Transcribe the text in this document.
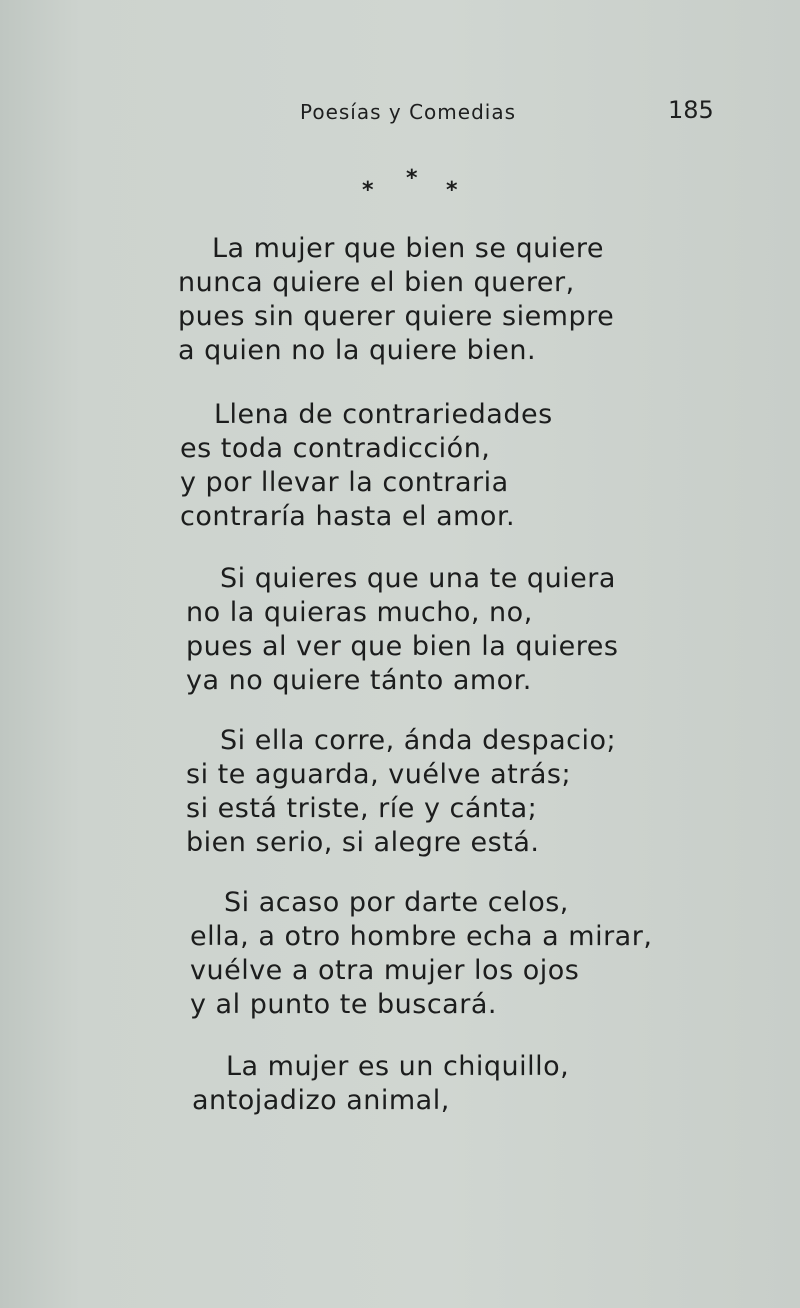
Poesías y Comedias	185
* * *
La mujer que bien se quiere
nunca quiere el bien querer,
pues sin querer quiere siempre
a quien no la quiere bien.
Llena de contrariedades
es toda contradicción,
y por llevar la contraria
contraría hasta el amor.
Si quieres que una te quiera
no la quieras mucho, no,
pues al ver que bien la quieres
ya no quiere tánto amor.
Si ella corre, ánda despacio;
si te aguarda, vuélve atrás;
si está triste, ríe y cánta;
bien serio, si alegre está.
Si acaso por darte celos,
ella, a otro hombre echa a mirar,
vuélve a otra mujer los ojos
y al punto te buscará.
La mujer es un chiquillo,
antojadizo animal,
